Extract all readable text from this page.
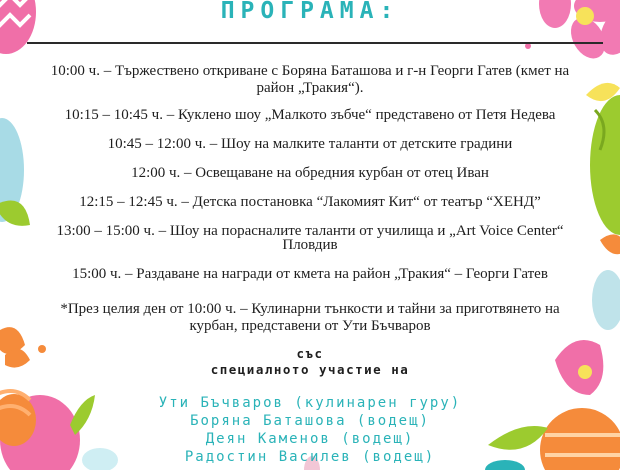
ПРОГРАМА:
10:00 ч. – Тържествено откриване с Боряна Баташова и г-н Георги Гатев (кмет на
район „Тракия“).
10:15 – 10:45 ч. – Куклено шоу „Малкото зъбче“ представено от Петя Недева
10:45 – 12:00 ч. – Шоу на малките таланти от детските градини
12:00 ч. – Освещаване на обредния курбан от отец Иван
12:15 – 12:45 ч. – Детска постановка “Лакомият Кит“ от театър “ХЕНД”
13:00 – 15:00 ч. – Шоу на порасналите таланти от училища и „Art Voice Center“
Пловдив
15:00 ч. – Раздаване на награди от кмета на район „Тракия“ – Георги Гатев
*През целия ден от 10:00 ч. – Кулинарни тънкости и тайни за приготвянето на
курбан, представени от Ути Бъчваров
със
специалното участие на
Ути Бъчваров (кулинарен гуру)
Боряна Баташова (водещ)
Деян Каменов (водещ)
Радостин Василев (водещ)
